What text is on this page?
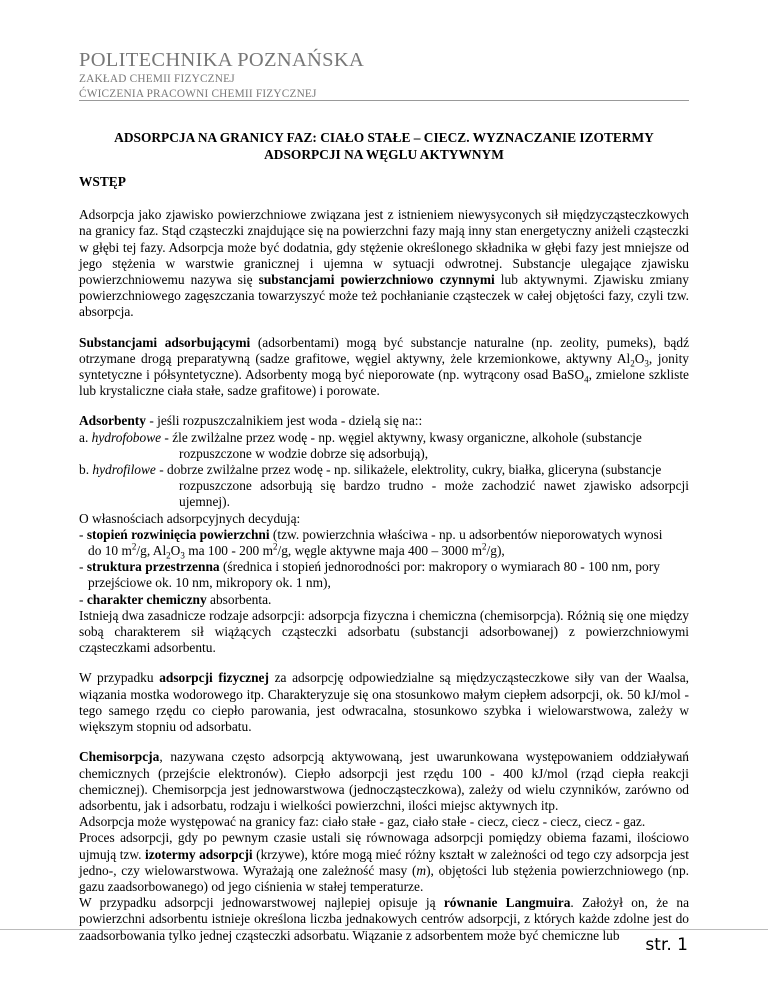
POLITECHNIKA POZNAŃSKA
ZAKŁAD CHEMII FIZYCZNEJ
ĆWICZENIA PRACOWNI CHEMII FIZYCZNEJ
ADSORPCJA NA GRANICY FAZ: CIAŁO STAŁE – CIECZ. WYZNACZANIE IZOTERMY
ADSORPCJI NA WĘGLU AKTYWNYM

WSTĘP

Adsorpcja jako zjawisko powierzchniowe związana jest z istnieniem niewysyconych sił międzycząsteczkowych na granicy faz. Stąd cząsteczki znajdujące się na powierzchni fazy mają inny stan energetyczny aniżeli cząsteczki w głębi tej fazy. Adsorpcja może być dodatnia, gdy stężenie określonego składnika w głębi fazy jest mniejsze od jego stężenia w warstwie granicznej i ujemna w sytuacji odwrotnej. Substancje ulegające zjawisku powierzchniowemu nazywa się substancjami powierzchniowo czynnymi lub aktywnymi. Zjawisku zmiany powierzchniowego zagęszczania towarzyszyć może też pochłanianie cząsteczek w całej objętości fazy, czyli tzw. absorpcja.

Substancjami adsorbującymi (adsorbentami) mogą być substancje naturalne (np. zeolity, pumeks), bądź otrzymane drogą preparatywną (sadze grafitowe, węgiel aktywny, żele krzemionkowe, aktywny $Al_2O_3$, jonity syntetyczne i półsyntetyczne). Adsorbenty mogą być nieporowate (np. wytrącony osad BaSO$_4$, zmielone szkliste lub krystaliczne ciała stałe, sadze grafitowe) i porowate.

Adsorbenty - jeśli rozpuszczalnikiem jest woda - dzielą się na::

a. hydrofobowe - źle zwilżalne przez wodę - np. węgiel aktywny, kwasy organiczne, alkohole (substancje

rozpuszczone w wodzie dobrze się adsorbują),

b. hydrofilowe - dobrze zwilżalne przez wodę - np. silikażele, elektrolity, cukry, białka, gliceryna (substancje

rozpuszczone adsorbują się bardzo trudno - może zachodzić nawet zjawisko adsorpcji ujemnej).

O własnościach adsorpcyjnych decydują:

- stopień rozwinięcia powierzchni (tzw. powierzchnia właściwa - np. u adsorbentów nieporowatych wynosi

do 10 $m^2/g$, $Al_2O_3$ ma 100 - 200 $m^2/g$, węgle aktywne maja 400 – 3000 $m^2/g$),

- struktura przestrzenna (średnica i stopień jednorodności por: makropory o wymiarach 80 - 100 nm, pory

przejściowe ok. 10 nm, mikropory ok. 1 nm),

- charakter chemiczny absorbenta.

Istnieją dwa zasadnicze rodzaje adsorpcji: adsorpcja fizyczna i chemiczna (chemisorpcja). Różnią się one między sobą charakterem sił wiążących cząsteczki adsorbatu (substancji adsorbowanej) z powierzchniowymi cząsteczkami adsorbentu.

W przypadku adsorpcji fizycznej za adsorpcję odpowiedzialne są międzycząsteczkowe siły van der Waalsa, wiązania mostka wodorowego itp. Charakteryzuje się ona stosunkowo małym ciepłem adsorpcji, ok. 50 kJ/mol - tego samego rzędu co ciepło parowania, jest odwracalna, stosunkowo szybka i wielowarstwowa, zależy w większym stopniu od adsorbatu.

Chemisorpcja, nazywana często adsorpcją aktywowaną, jest uwarunkowana występowaniem oddziaływań chemicznych (przejście elektronów). Ciepło adsorpcji jest rzędu 100 - 400 kJ/mol (rząd ciepła reakcji chemicznej). Chemisorpcja jest jednowarstwowa (jednocząsteczkowa), zależy od wielu czynników, zarówno od adsorbentu, jak i adsorbatu, rodzaju i wielkości powierzchni, ilości miejsc aktywnych itp.

Adsorpcja może występować na granicy faz: ciało stałe - gaz, ciało stałe - ciecz, ciecz - ciecz, ciecz - gaz.

Proces adsorpcji, gdy po pewnym czasie ustali się równowaga adsorpcji pomiędzy obiema fazami, ilościowo ujmują tzw. izotermy adsorpcji (krzywe), które mogą mieć różny kształt w zależności od tego czy adsorpcja jest jedno-, czy wielowarstwowa. Wyrażają one zależność masy (m), objętości lub stężenia powierzchniowego (np. gazu zaadsorbowanego) od jego ciśnienia w stałej temperaturze.

W przypadku adsorpcji jednowarstwowej najlepiej opisuje ją równanie Langmuira. Założył on, że na powierzchni adsorbentu istnieje określona liczba jednakowych centrów adsorpcji, z których każde zdolne jest do zaadsorbowania tylko jednej cząsteczki adsorbatu. Wiązanie z adsorbentem może być chemiczne lub	str. 1
